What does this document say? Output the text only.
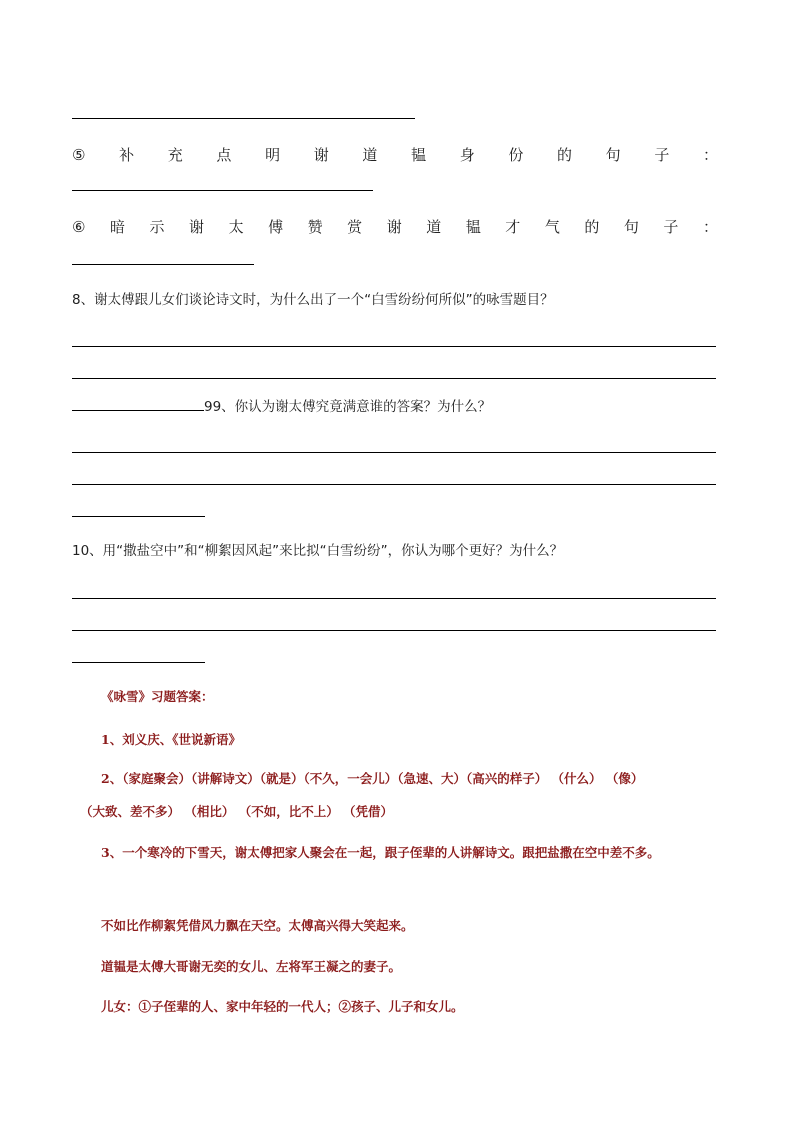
⑤ 补 充 点 明 谢 道 韫 身 份 的 句 子 ：
⑥ 暗 示 谢 太 傅 赞 赏 谢 道 韫 才 气 的 句 子 ：
8、谢太傅跟儿女们谈论诗文时，为什么出了一个“白雪纷纷何所似”的咏雪题目？
99、你认为谢太傅究竟满意谁的答案？为什么？
10、用“撒盐空中”和“柳絮因风起”来比拟“白雪纷纷”，你认为哪个更好？为什么？
《咏雪》习题答案：
1、刘义庆、《世说新语》
2、（家庭聚会）（讲解诗文）（就是）（不久，一会儿）（急速、大）（高兴的样子） （什么） （像）
（大致、差不多） （相比） （不如，比不上） （凭借）
3、一个寒冷的下雪天，谢太傅把家人聚会在一起，跟子侄辈的人讲解诗文。跟把盐撒在空中差不多。
不如比作柳絮凭借风力飘在天空。太傅高兴得大笑起来。
道韫是太傅大哥谢无奕的女儿、左将军王凝之的妻子。
儿女：①子侄辈的人、家中年轻的一代人；②孩子、儿子和女儿。
